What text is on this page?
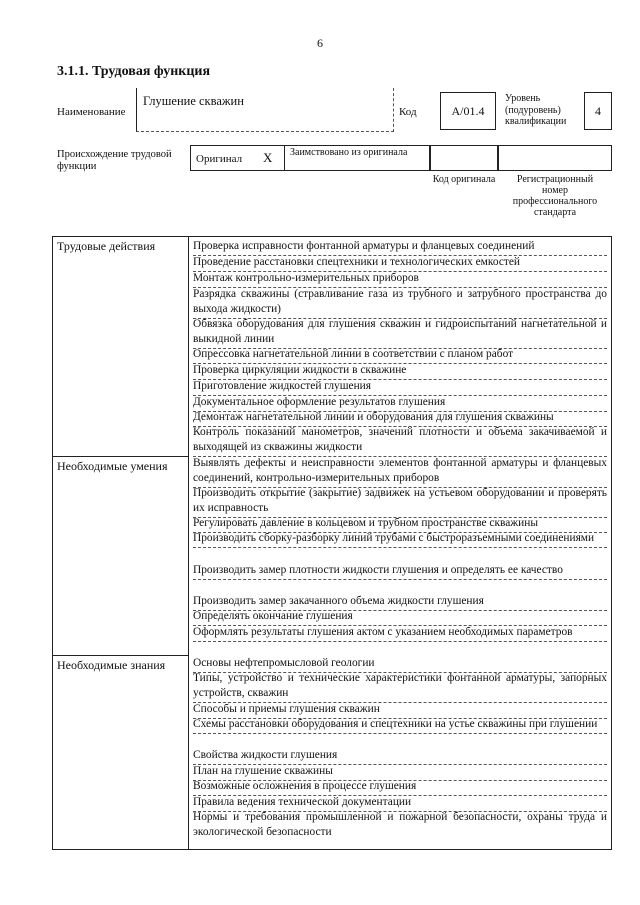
6
3.1.1. Трудовая функция
Наименование
Глушение скважин
Код	A/01.4
Уровень (подуровень) квалификации
4
Происхождение трудовой функции
Оригинал X Заимствовано из оригинала
Код оригинала	Регистрационный номер профессионального стандарта
Трудовые действия
Необходимые умения
Необходимые знания
Проверка исправности фонтанной арматуры и фланцевых соединений
Проведение расстановки спецтехники и технологических емкостей
Монтаж контрольно-измерительных приборов
Разрядка скважины (стравливание газа из трубного и затрубного пространства до выхода жидкости)
Обвязка оборудования для глушения скважин и гидроиспытаний нагнетательной и выкидной линии
Опрессовка нагнетательной линии в соответствии с планом работ
Проверка циркуляции жидкости в скважине
Приготовление жидкостей глушения
Документальное оформление результатов глушения
Демонтаж нагнетательной линии и оборудования для глушения скважины
Контроль показаний манометров, значений плотности и объема закачиваемой и выходящей из скважины жидкости
Выявлять дефекты и неисправности элементов фонтанной арматуры и фланцевых соединений, контрольно-измерительных приборов
Производить открытие (закрытие) задвижек на устьевом оборудовании и проверять их исправность
Регулировать давление в кольцевом и трубном пространстве скважины
Производить сборку-разборку линий трубами с быстроразъемными соединениями
Производить замер плотности жидкости глушения и определять ее качество
Производить замер закачанного объема жидкости глушения
Определять окончание глушения
Оформлять результаты глушения актом с указанием необходимых параметров
Основы нефтепромысловой геологии
Типы, устройство и технические характеристики фонтанной арматуры, запорных устройств, скважин
Способы и приемы глушения скважин
Схемы расстановки оборудования и спецтехники на устье скважины при глушении
Свойства жидкости глушения
План на глушение скважины
Возможные осложнения в процессе глушения
Правила ведения технической документации
Нормы и требования промышленной и пожарной безопасности, охраны труда и экологической безопасности
